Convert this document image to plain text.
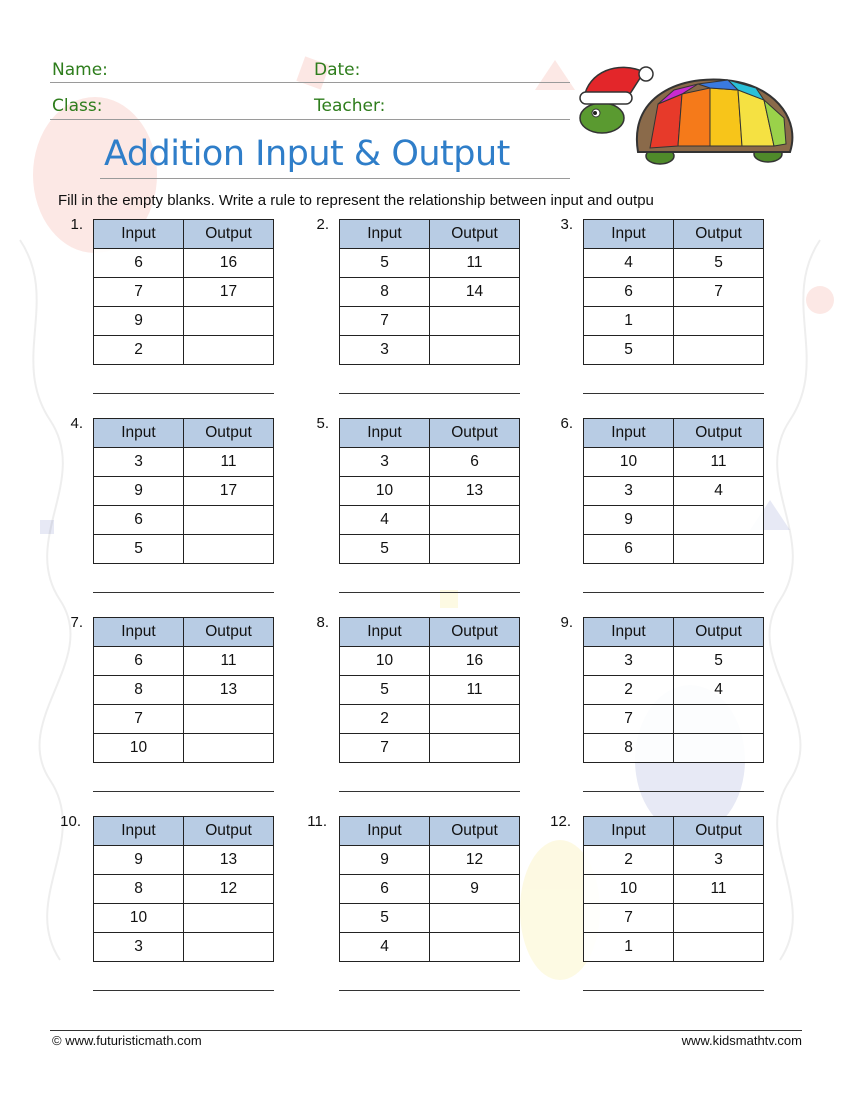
Name:	Date:
Class:	Teacher:
Addition Input & Output
Fill in the empty blanks. Write a rule to represent the relationship between input and outpu
1.
Input	Output
6	16
7	17
9	
2	
2.
Input	Output
5	11
8	14
7	
3	
3.
Input	Output
4	5
6	7
1	
5	
4.
Input	Output
3	11
9	17
6	
5	
5.
Input	Output
3	6
10	13
4	
5	
6.
Input	Output
10	11
3	4
9	
6	
7.
Input	Output
6	11
8	13
7	
10	
8.
Input	Output
10	16
5	11
2	
7	
9.
Input	Output
3	5
2	4
7	
8	
10.
Input	Output
9	13
8	12
10	
3	
11.
Input	Output
9	12
6	9
5	
4	
12.
Input	Output
2	3
10	11
7	
1	
© www.futuristicmath.com	www.kidsmathtv.com
